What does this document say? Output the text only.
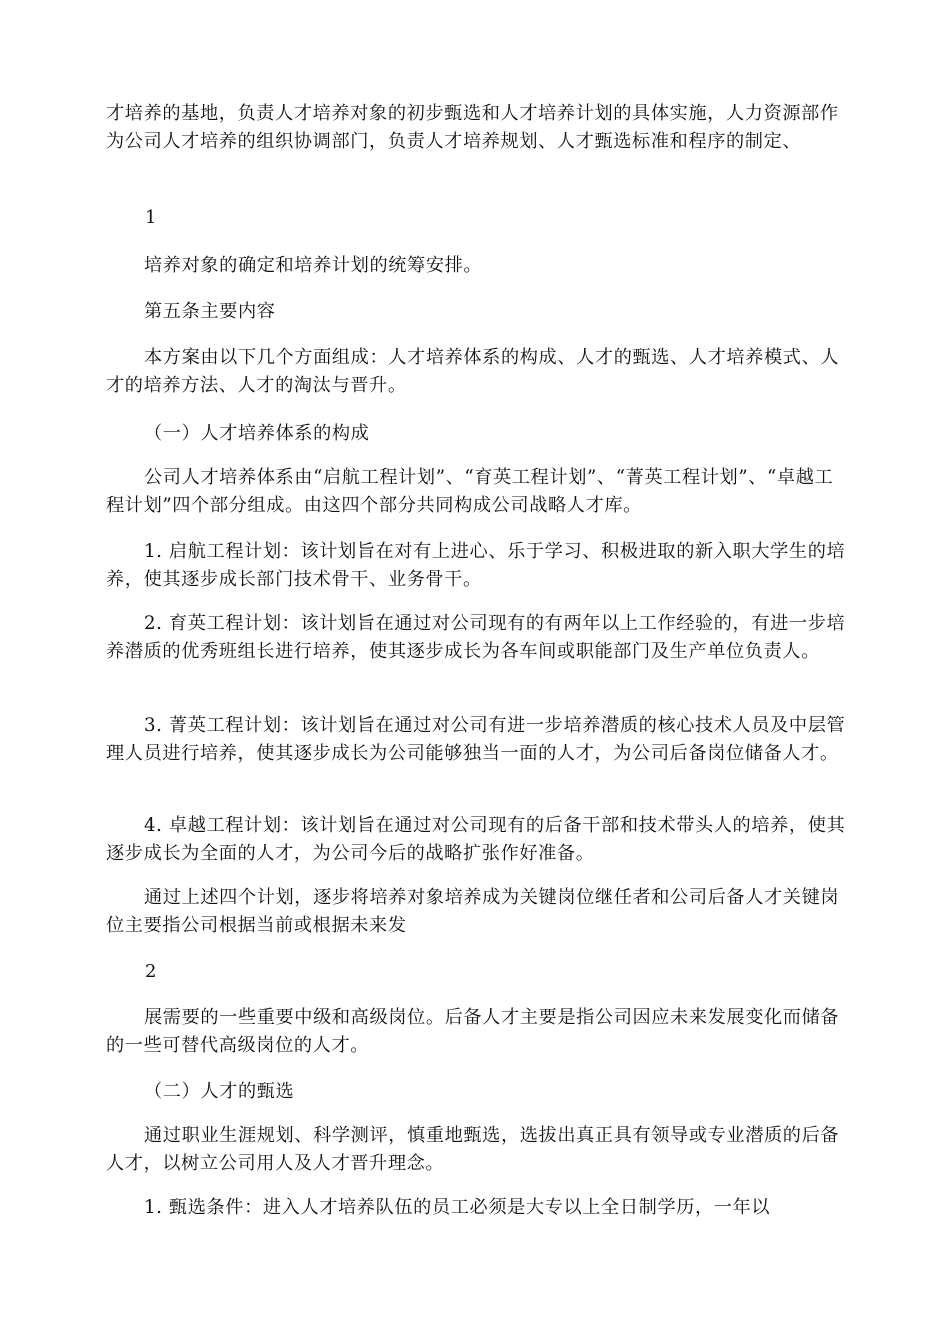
才培养的基地，负责人才培养对象的初步甄选和人才培养计划的具体实施，人力资源部作为公司人才培养的组织协调部门，负责人才培养规划、人才甄选标准和程序的制定、

1

培养对象的确定和培养计划的统筹安排。

第五条主要内容

本方案由以下几个方面组成：人才培养体系的构成、人才的甄选、人才培养模式、人才的培养方法、人才的淘汰与晋升。

（一）人才培养体系的构成

公司人才培养体系由“启航工程计划”、“育英工程计划”、“菁英工程计划”、“卓越工程计划”四个部分组成。由这四个部分共同构成公司战略人才库。

1. 启航工程计划：该计划旨在对有上进心、乐于学习、积极进取的新入职大学生的培养，使其逐步成长部门技术骨干、业务骨干。

2. 育英工程计划：该计划旨在通过对公司现有的有两年以上工作经验的，有进一步培养潜质的优秀班组长进行培养，使其逐步成长为各车间或职能部门及生产单位负责人。

3. 菁英工程计划：该计划旨在通过对公司有进一步培养潜质的核心技术人员及中层管理人员进行培养，使其逐步成长为公司能够独当一面的人才，为公司后备岗位储备人才。

4. 卓越工程计划：该计划旨在通过对公司现有的后备干部和技术带头人的培养，使其逐步成长为全面的人才，为公司今后的战略扩张作好准备。

通过上述四个计划，逐步将培养对象培养成为关键岗位继任者和公司后备人才关键岗位主要指公司根据当前或根据未来发

2

展需要的一些重要中级和高级岗位。后备人才主要是指公司因应未来发展变化而储备的一些可替代高级岗位的人才。

（二）人才的甄选

通过职业生涯规划、科学测评，慎重地甄选，选拔出真正具有领导或专业潜质的后备人才，以树立公司用人及人才晋升理念。

1. 甄选条件：进入人才培养队伍的员工必须是大专以上全日制学历，一年以
